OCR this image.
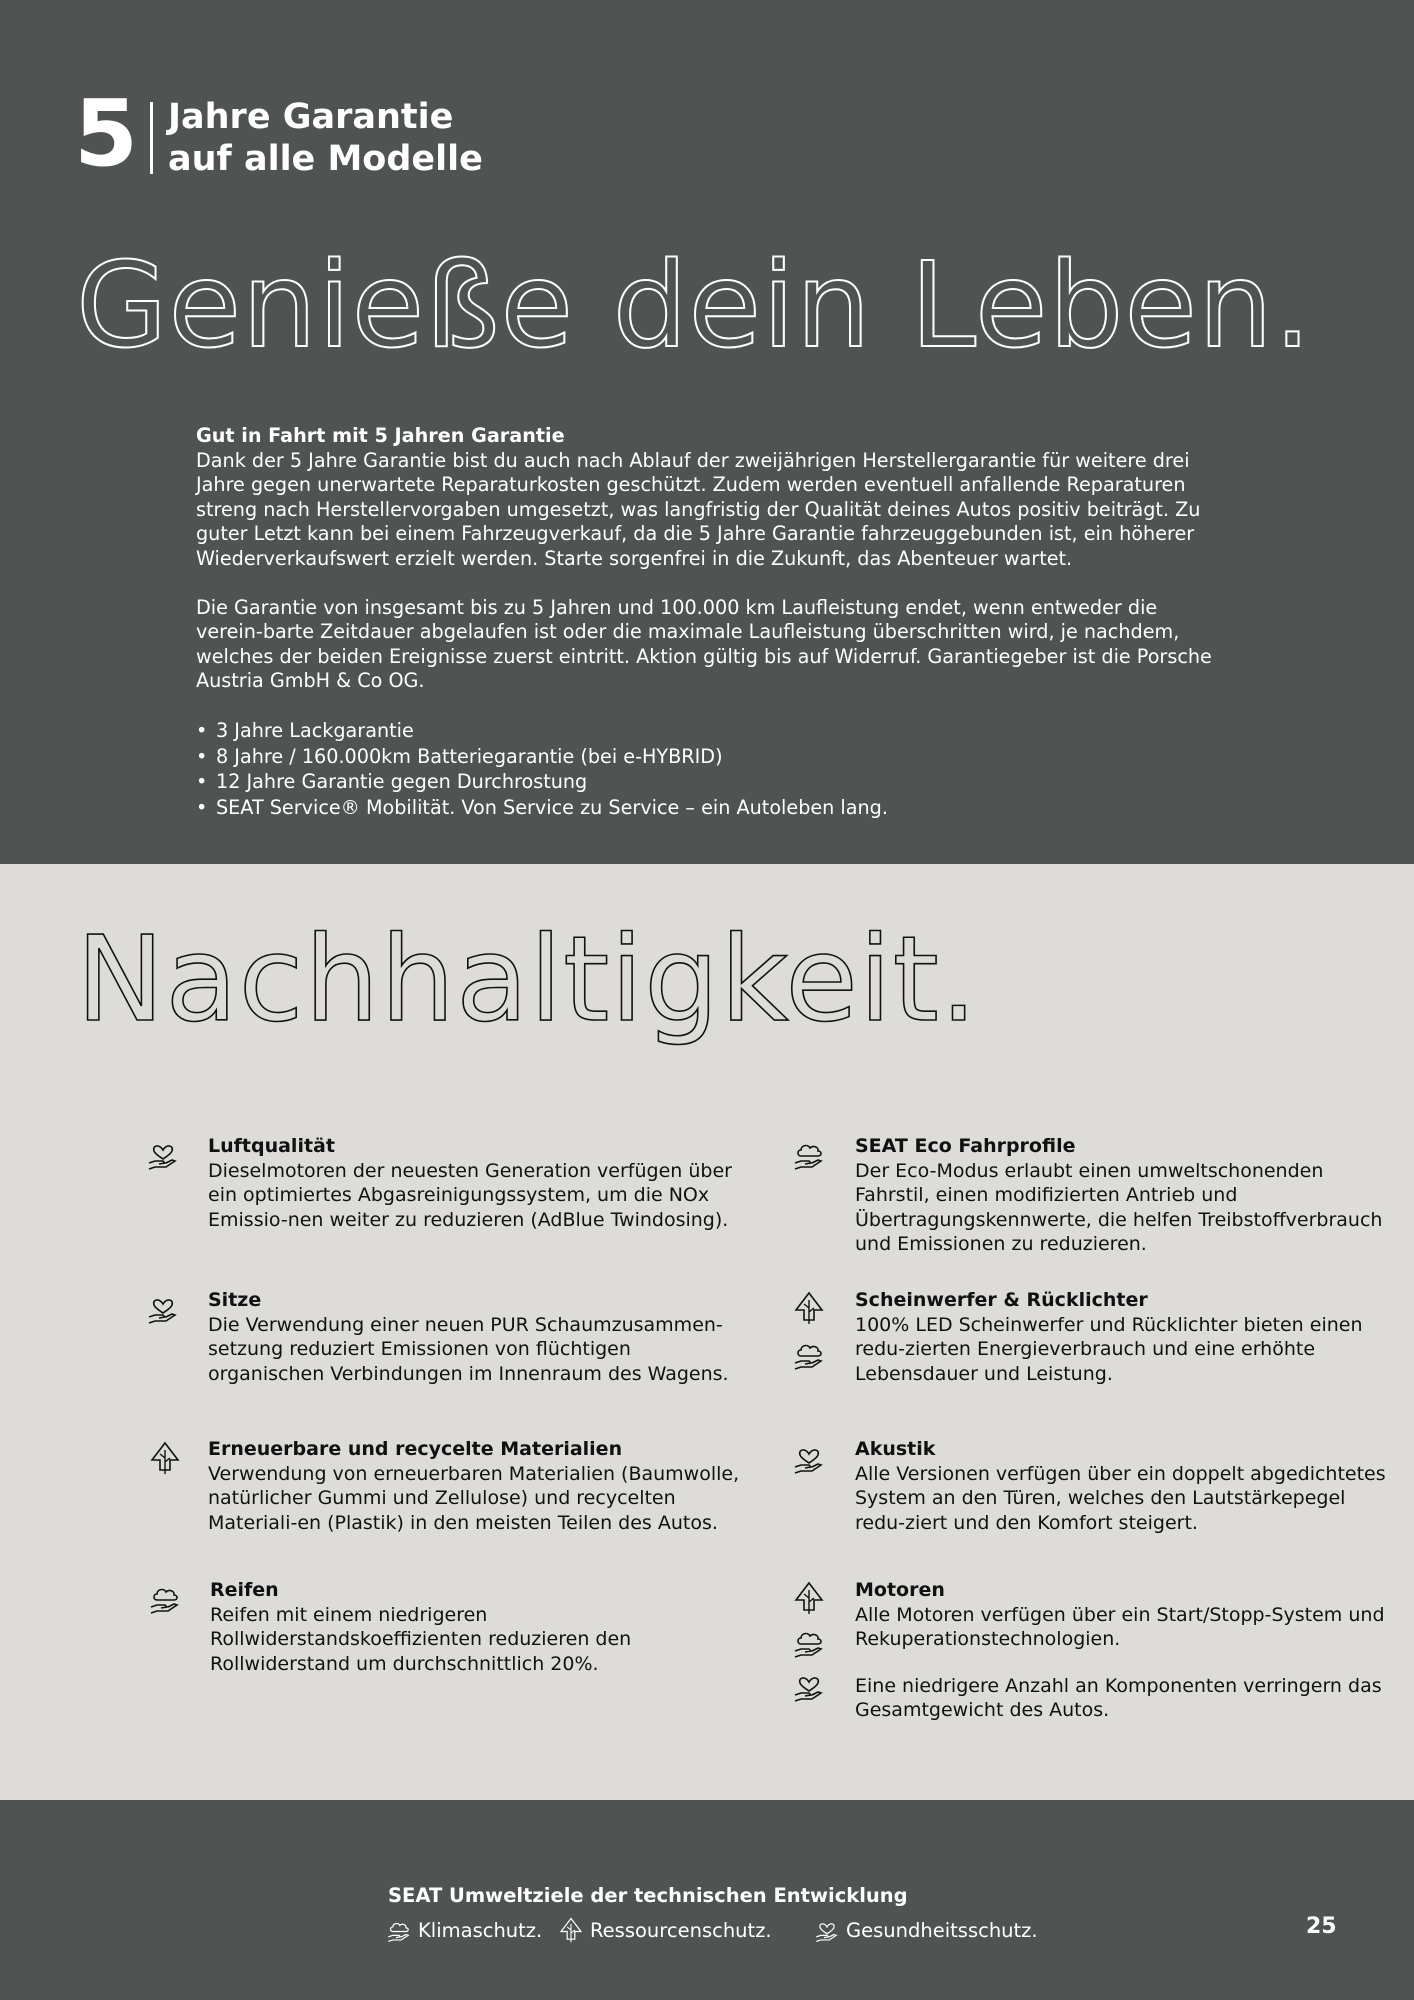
5 Jahre Garantie
auf alle Modelle
Genieße dein Leben.
Gut in Fahrt mit 5 Jahren Garantie

Dank der 5 Jahre Garantie bist du auch nach Ablauf der zweijährigen Herstellergarantie für weitere drei Jahre gegen unerwartete Reparaturkosten geschützt. Zudem werden eventuell anfallende Reparaturen streng nach Herstellervorgaben umgesetzt, was langfristig der Qualität deines Autos positiv beiträgt. Zu guter Letzt kann bei einem Fahrzeugverkauf, da die 5 Jahre Garantie fahrzeuggebunden ist, ein höherer Wiederverkaufswert erzielt werden. Starte sorgenfrei in die Zukunft, das Abenteuer wartet.

Die Garantie von insgesamt bis zu 5 Jahren und 100.000 km Laufleistung endet, wenn entweder die verein-barte Zeitdauer abgelaufen ist oder die maximale Laufleistung überschritten wird, je nachdem, welches der beiden Ereignisse zuerst eintritt. Aktion gültig bis auf Widerruf. Garantiegeber ist die Porsche Austria GmbH & Co OG.

• 3 Jahre Lackgarantie
• 8 Jahre / 160.000km Batteriegarantie (bei e-HYBRID)
• 12 Jahre Garantie gegen Durchrostung
• SEAT Service® Mobilität. Von Service zu Service – ein Autoleben lang.
Nachhaltigkeit.
Luftqualität
Dieselmotoren der neuesten Generation verfügen über ein optimiertes Abgasreinigungssystem, um die NOx Emissio-nen weiter zu reduzieren (AdBlue Twindosing).
Sitze
Die Verwendung einer neuen PUR Schaumzusammen-setzung reduziert Emissionen von flüchtigen organischen Verbindungen im Innenraum des Wagens.
Erneuerbare und recycelte Materialien
Verwendung von erneuerbaren Materialien (Baumwolle, natürlicher Gummi und Zellulose) und recycelten Materiali-en (Plastik) in den meisten Teilen des Autos.
Reifen
Reifen mit einem niedrigeren Rollwiderstandskoeffizienten reduzieren den Rollwiderstand um durchschnittlich 20%.
SEAT Eco Fahrprofile
Der Eco-Modus erlaubt einen umweltschonenden Fahrstil, einen modifizierten Antrieb und Übertragungskennwerte, die helfen Treibstoffverbrauch und Emissionen zu reduzieren.
Scheinwerfer & Rücklichter
100% LED Scheinwerfer und Rücklichter bieten einen redu-zierten Energieverbrauch und eine erhöhte Lebensdauer und Leistung.
Akustik
Alle Versionen verfügen über ein doppelt abgedichtetes System an den Türen, welches den Lautstärkepegel redu-ziert und den Komfort steigert.
Motoren
Alle Motoren verfügen über ein Start/Stopp-System und Rekuperationstechnologien.
Eine niedrigere Anzahl an Komponenten verringern das Gesamtgewicht des Autos.
SEAT Umweltziele der technischen Entwicklung
Klimaschutz. Ressourcenschutz.	Gesundheitsschutz.	25
